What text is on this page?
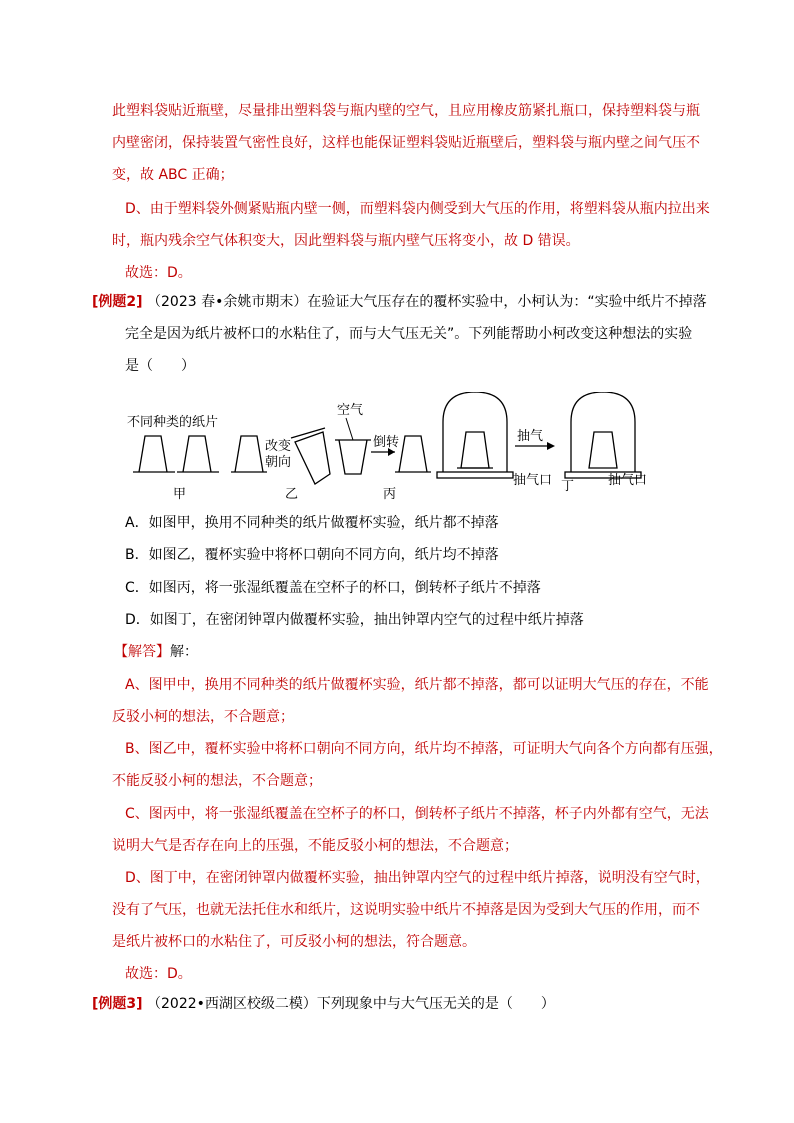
此塑料袋贴近瓶壁，尽量排出塑料袋与瓶内壁的空气，且应用橡皮筋紧扎瓶口，保持塑料袋与瓶
内壁密闭，保持装置气密性良好，这样也能保证塑料袋贴近瓶壁后，塑料袋与瓶内壁之间气压不
变，故 ABC 正确；
D、由于塑料袋外侧紧贴瓶内壁一侧，而塑料袋内侧受到大气压的作用，将塑料袋从瓶内拉出来
时，瓶内残余空气体积变大，因此塑料袋与瓶内壁气压将变小，故 D 错误。
故选：D。
[例题2] （2023 春•余姚市期末）在验证大气压存在的覆杯实验中，小柯认为：“实验中纸片不掉落
完全是因为纸片被杯口的水粘住了，而与大气压无关”。下列能帮助小柯改变这种想法的实验
是（　　）
不同种类的纸片
改变
朝向
空气
倒转	抽气
抽气口	抽气口
甲	乙	丙
丁
A．如图甲，换用不同种类的纸片做覆杯实验，纸片都不掉落
B．如图乙，覆杯实验中将杯口朝向不同方向，纸片均不掉落
C．如图丙，将一张湿纸覆盖在空杯子的杯口，倒转杯子纸片不掉落
D．如图丁，在密闭钟罩内做覆杯实验，抽出钟罩内空气的过程中纸片掉落
【解答】解：
A、图甲中，换用不同种类的纸片做覆杯实验，纸片都不掉落，都可以证明大气压的存在，不能
反驳小柯的想法，不合题意；
B、图乙中，覆杯实验中将杯口朝向不同方向，纸片均不掉落，可证明大气向各个方向都有压强，
不能反驳小柯的想法，不合题意；
C、图丙中，将一张湿纸覆盖在空杯子的杯口，倒转杯子纸片不掉落，杯子内外都有空气，无法
说明大气是否存在向上的压强，不能反驳小柯的想法，不合题意；
D、图丁中，在密闭钟罩内做覆杯实验，抽出钟罩内空气的过程中纸片掉落，说明没有空气时，
没有了气压，也就无法托住水和纸片，这说明实验中纸片不掉落是因为受到大气压的作用，而不
是纸片被杯口的水粘住了，可反驳小柯的想法，符合题意。
故选：D。
[例题3] （2022•西湖区校级二模）下列现象中与大气压无关的是（　　）
